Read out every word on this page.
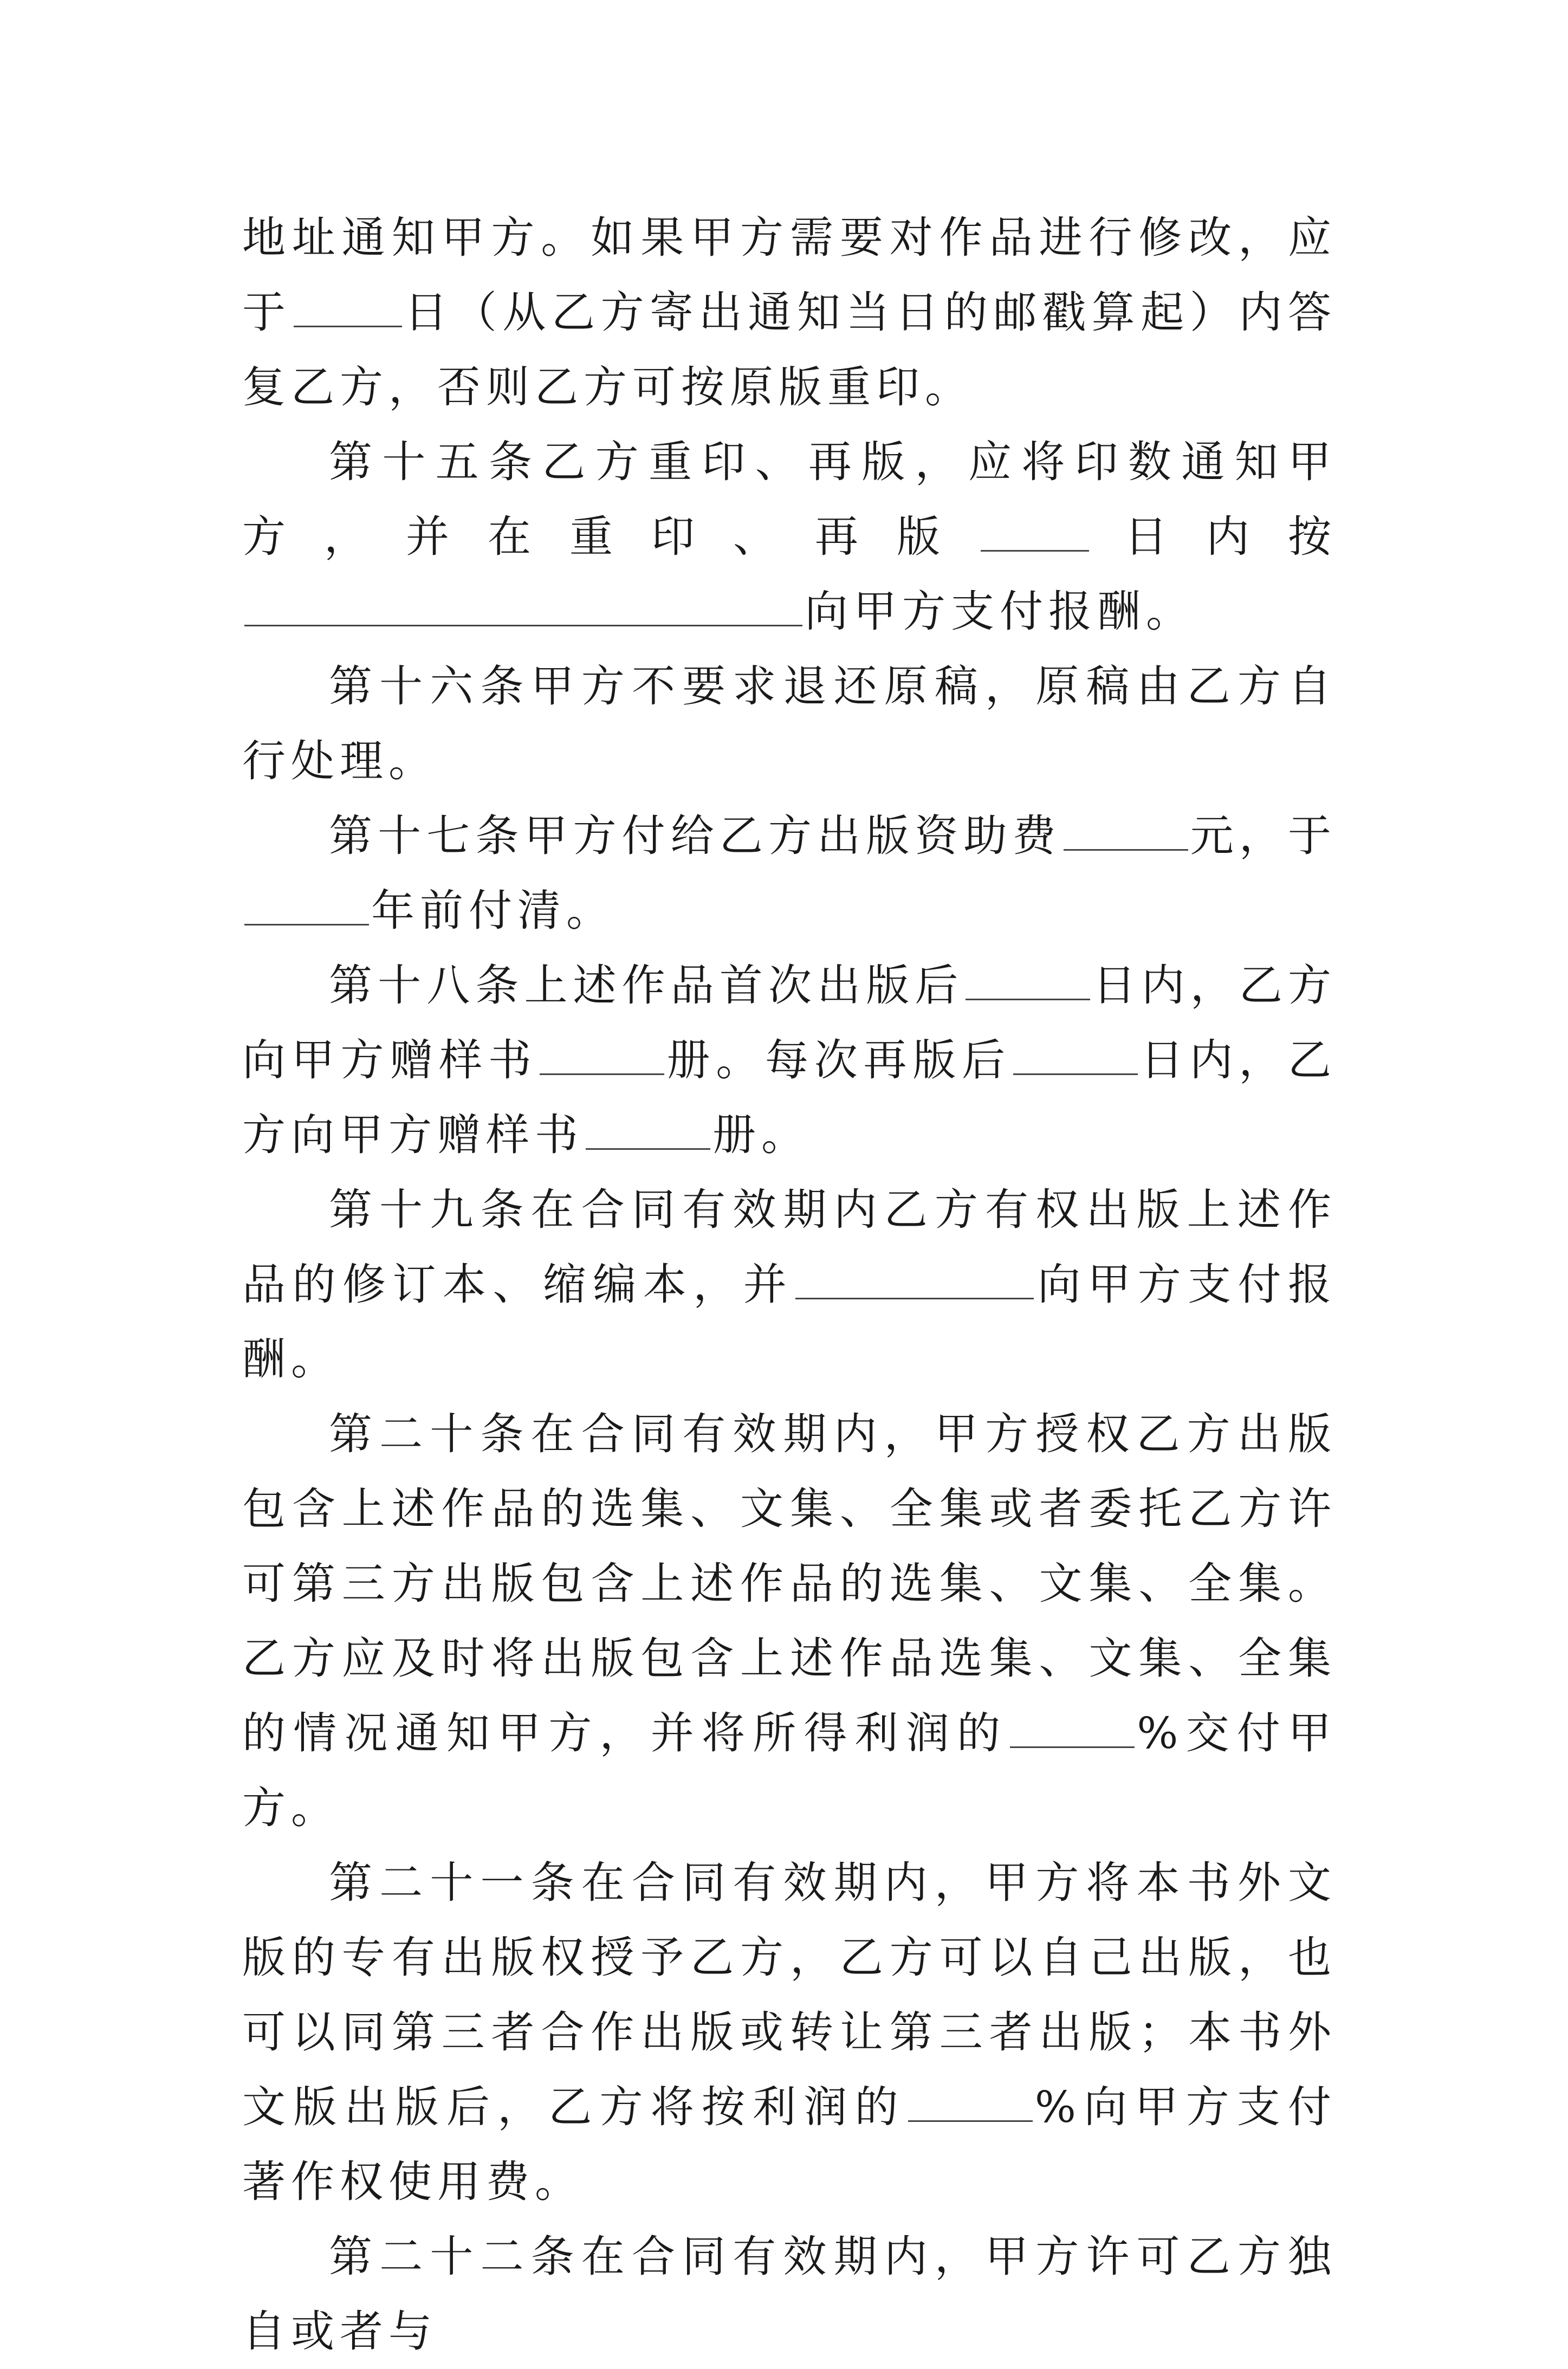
地址通知甲方。如果甲方需要对作品进行修改，应于	日（从乙方寄出通知当日的邮戳算起）内答复乙方，否则乙方可按原版重印。

第十五条乙方重印、再版，应将印数通知甲方，并在重印、再版	日内按向甲方支付报酬。

第十六条甲方不要求退还原稿，原稿由乙方自行处理。

第十七条甲方付给乙方出版资助费	元，于年前付清。

第十八条上述作品首次出版后	日内，乙方向甲方赠样书	册。每次再版后	日内，乙方向甲方赠样书	册。

第十九条在合同有效期内乙方有权出版上述作品的修订本、缩编本，并	向甲方支付报酬。

第二十条在合同有效期内，甲方授权乙方出版包含上述作品的选集、文集、全集或者委托乙方许可第三方出版包含上述作品的选集、文集、全集。乙方应及时将出版包含上述作品选集、文集、全集的情况通知甲方，并将所得利润的	%交付甲方。

第二十一条在合同有效期内，甲方将本书外文版的专有出版权授予乙方，乙方可以自己出版，也可以同第三者合作出版或转让第三者出版；本书外文版出版后，乙方将按利润的	%向甲方支付著作权使用费。

第二十二条在合同有效期内，甲方许可乙方独自或者与
